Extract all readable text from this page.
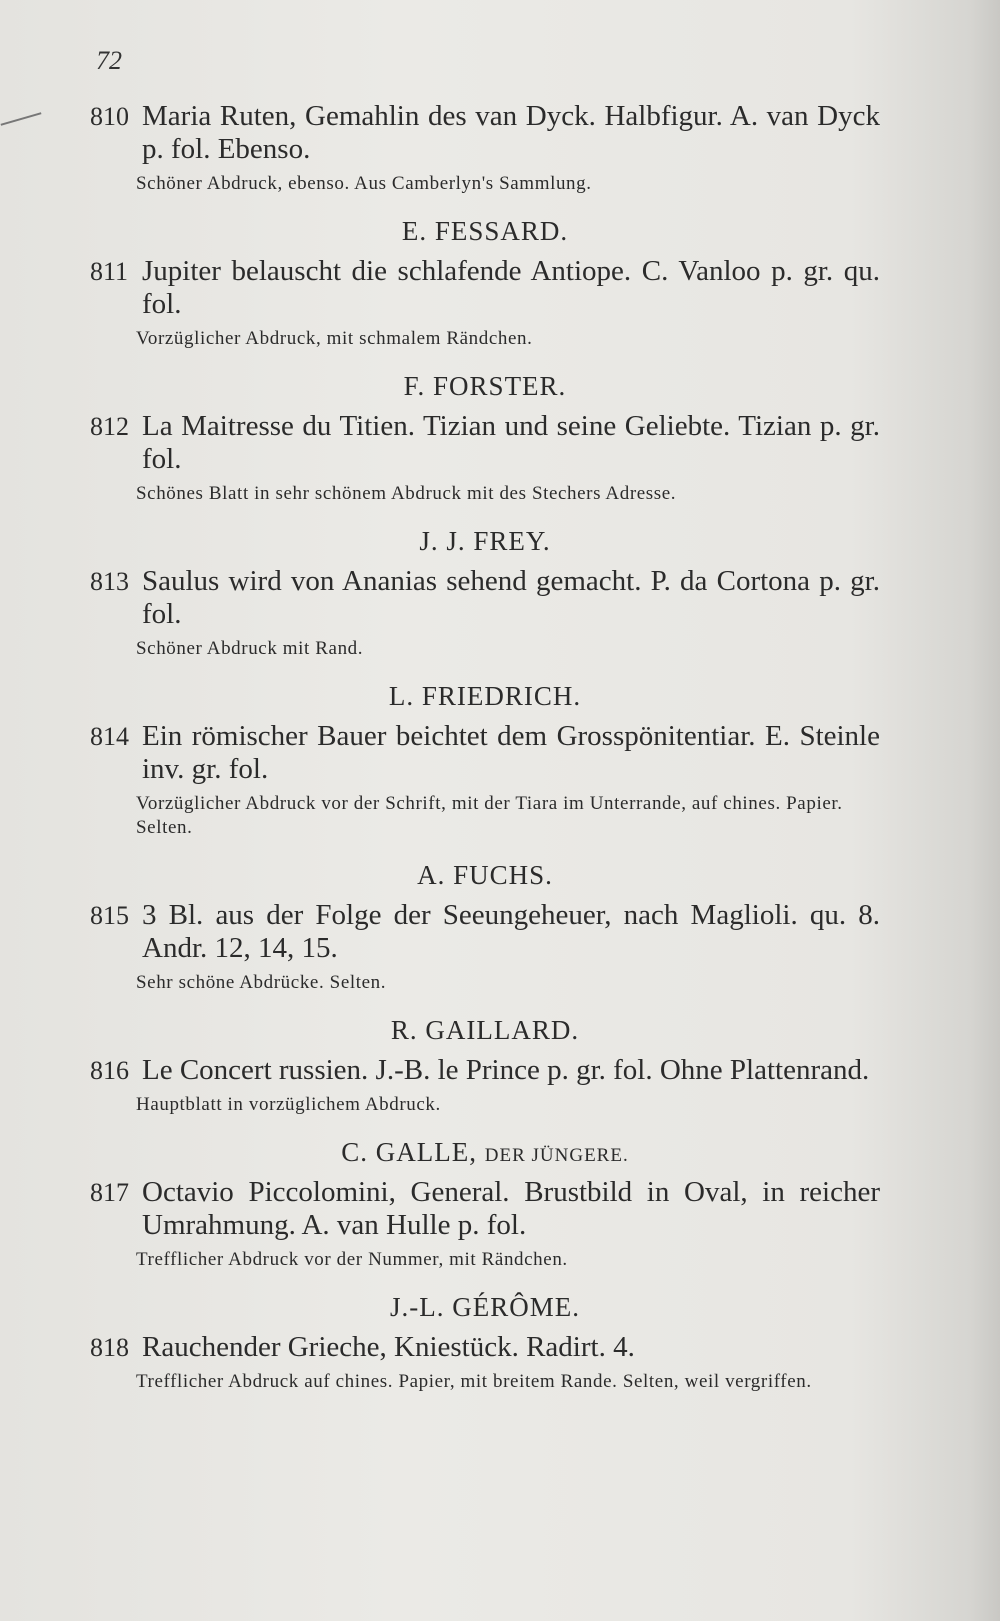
72
810 Maria Ruten, Gemahlin des van Dyck. Halbfigur. A. van Dyck p. fol. Ebenso.
Schöner Abdruck, ebenso. Aus Camberlyn's Sammlung.
E. FESSARD.
811 Jupiter belauscht die schlafende Antiope. C. Vanloo p. gr. qu. fol.
Vorzüglicher Abdruck, mit schmalem Rändchen.
F. FORSTER.
812 La Maitresse du Titien. Tizian und seine Geliebte. Tizian p. gr. fol.
Schönes Blatt in sehr schönem Abdruck mit des Stechers Adresse.
J. J. FREY.
813 Saulus wird von Ananias sehend gemacht. P. da Cortona p. gr. fol.
Schöner Abdruck mit Rand.
L. FRIEDRICH.
814 Ein römischer Bauer beichtet dem Grosspönitentiar. E. Steinle inv. gr. fol.
Vorzüglicher Abdruck vor der Schrift, mit der Tiara im Unterrande, auf chines. Papier. Selten.
A. FUCHS.
815 3 Bl. aus der Folge der Seeungeheuer, nach Maglioli. qu. 8. Andr. 12, 14, 15.
Sehr schöne Abdrücke. Selten.
R. GAILLARD.
816 Le Concert russien. J.-B. le Prince p. gr. fol. Ohne Plattenrand.
Hauptblatt in vorzüglichem Abdruck.
C. GALLE, DER JÜNGERE.
817 Octavio Piccolomini, General. Brustbild in Oval, in reicher Umrahmung. A. van Hulle p. fol.
Trefflicher Abdruck vor der Nummer, mit Rändchen.
J.-L. GÉRÔME.
818 Rauchender Grieche, Kniestück. Radirt. 4.
Trefflicher Abdruck auf chines. Papier, mit breitem Rande. Selten, weil vergriffen.
